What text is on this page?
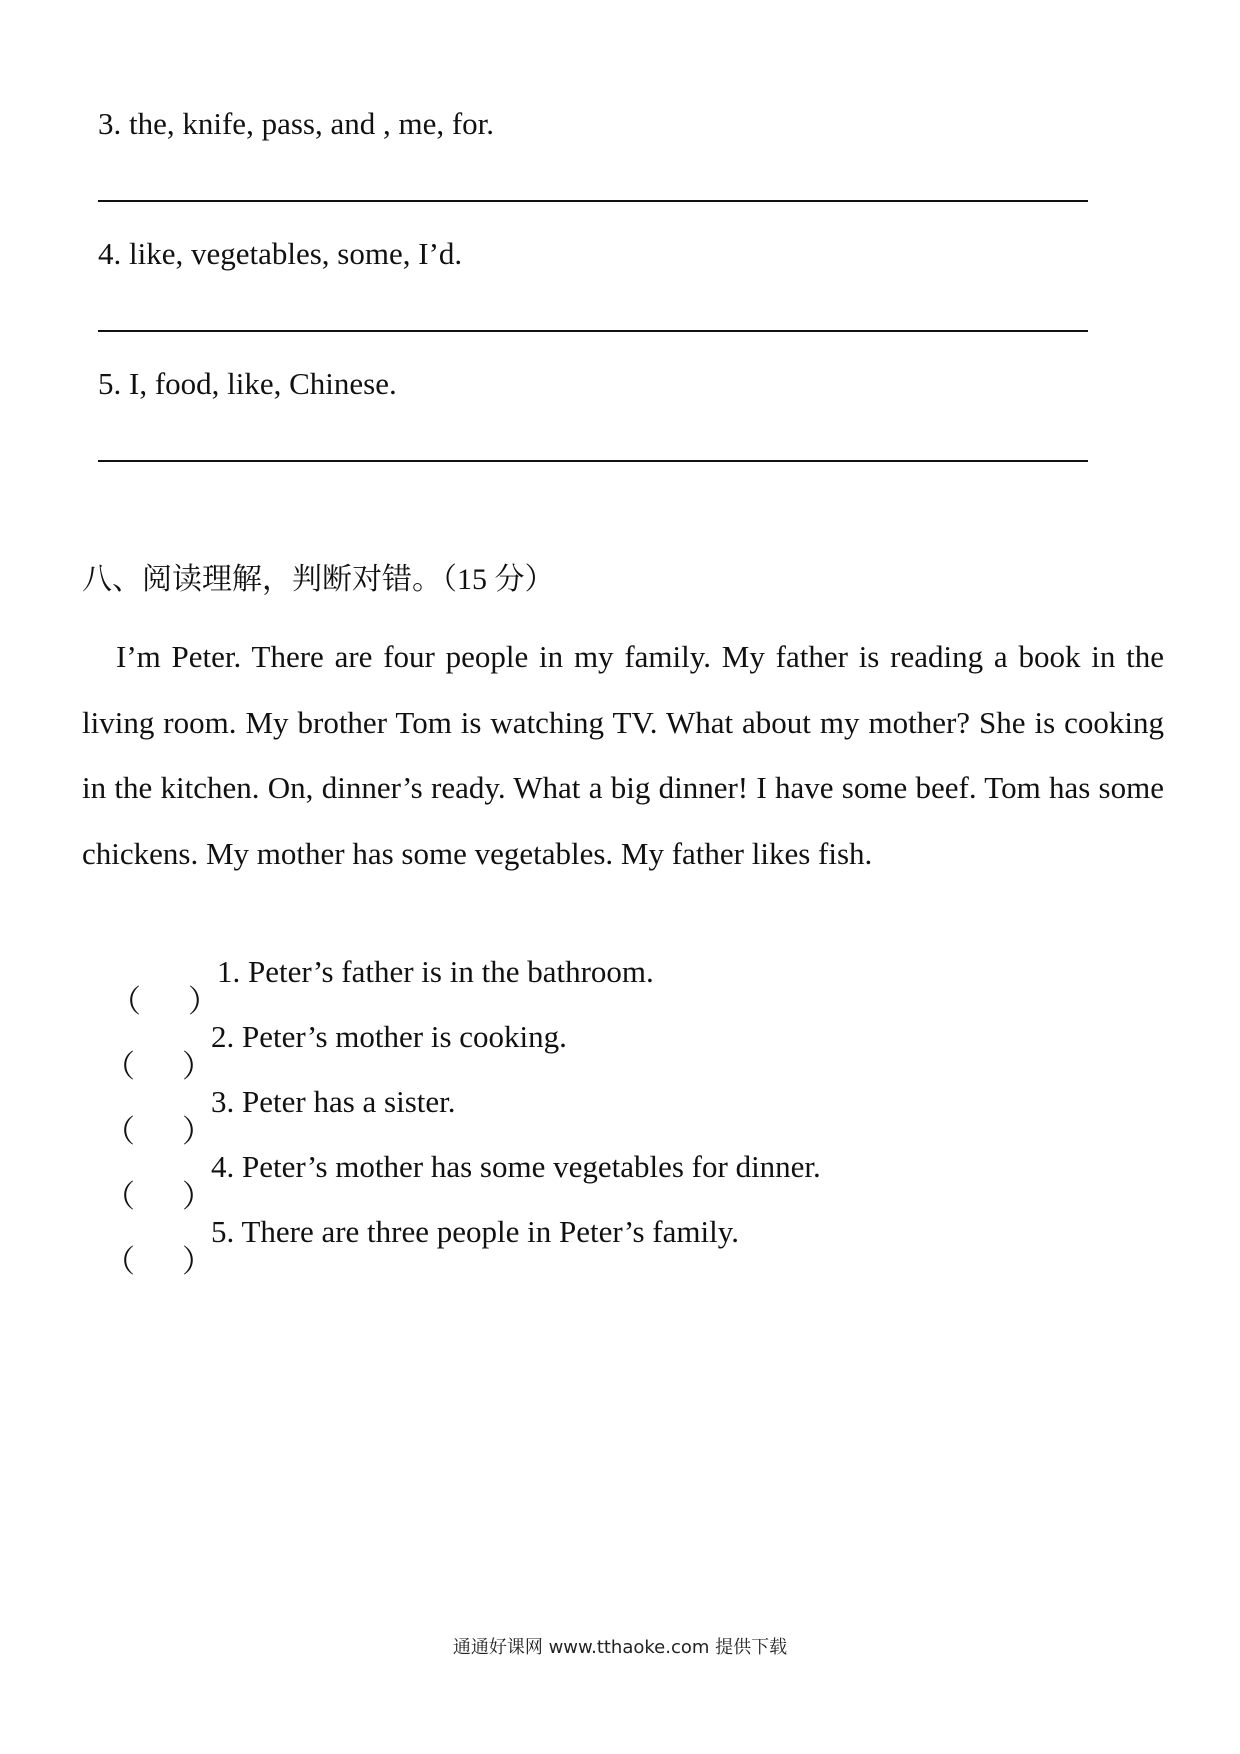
3. the, knife, pass, and , me, for.
4. like, vegetables, some, I’d.
5. I, food, like, Chinese.
八、阅读理解，判断对错。（15 分）

I’m Peter. There are four people in my family. My father is reading a book in the living room. My brother Tom is watching TV. What about my mother? She is cooking in the kitchen. On, dinner’s ready. What a big dinner! I have some beef. Tom has some chickens. My mother has some vegetables. My father likes fish.

（ ）
1. Peter’s father is in the bathroom.
（ ）
2. Peter’s mother is cooking.
（ ）
3. Peter has a sister.
（ ）
4. Peter’s mother has some vegetables for dinner.
（ ）
5. There are three people in Peter’s family.
通通好课网 www.tthaoke.com 提供下载
